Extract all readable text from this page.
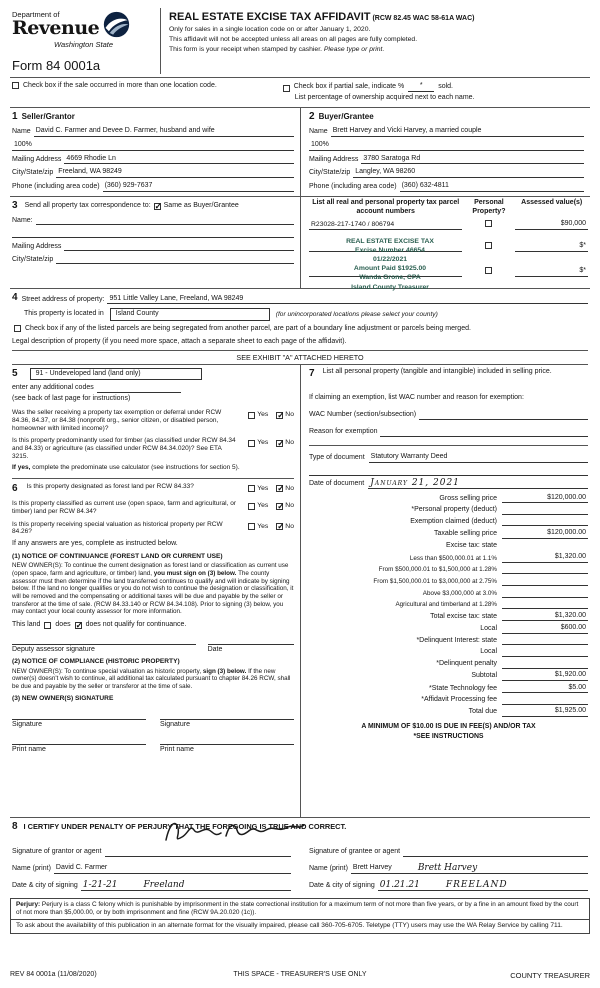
Department of
Revenue
Washington State
Form 84 0001a
REAL ESTATE EXCISE TAX AFFIDAVIT (RCW 82.45 WAC 58-61A WAC)
Only for sales in a single location code on or after January 1, 2020.
This affidavit will not be accepted unless all areas on all pages are fully completed.
This form is your receipt when stamped by cashier. Please type or print.
Check box if the sale occurred in more than one location code.	Check box if partial sale, indicate %	*	sold.
List percentage of ownership acquired next to each name.
1 Seller/Grantor
Name David C. Farmer and Devee D. Farmer, husband and wife
100%
Mailing Address 4669 Rhodie Ln
City/State/zip Freeland, WA 98249
Phone (including area code) (360) 929-7637
2 Buyer/Grantee
Name Brett Harvey and Vicki Harvey, a married couple
100%
Mailing Address 3780 Saratoga Rd
City/State/zip Langley, WA 98260
Phone (including area code) (360) 632-4811
3 Send all property tax correspondence to: ✓ Same as Buyer/Grantee
Name:
Mailing Address
City/State/zip
List all real and personal property tax parcel account numbers
Personal Property?
Assessed value(s)
R23028-217-1740 / 806794	$90,000
$*
$*
REAL ESTATE EXCISE TAX
Excise Number 46654
01/22/2021
Amount Paid $1925.00
Wanda Grone, CPA
Island County Treasurer
4 Street address of property: 951 Little Valley Lane, Freeland, WA 98249
This property is located in	Island County	(for unincorporated locations please select your county)
Check box if any of the listed parcels are being segregated from another parcel, are part of a boundary line adjustment or parcels being merged.
Legal description of property (if you need more space, attach a separate sheet to each page of the affidavit).
SEE EXHIBIT "A" ATTACHED HERETO
5	91 - Undeveloped land (land only)
enter any additional codes
(see back of last page for instructions)
Was the seller receiving a property tax exemption or deferral under RCW 84.36, 84.37, or 84.38 (nonprofit org., senior citizen, or disabled person, homeowner with limited income)?
Yes ✓	No
Is this property predominantly used for timber (as classified under RCW 84.34 and 84.33) or agriculture (as classified under RCW 84.34.020)? See ETA 3215.
Yes ✓	No
If yes, complete the predominate use calculator (see instructions for section 5).
6 Is this property designated as forest land per RCW 84.33?	Yes ✓	No
Is this property classified as current use (open space, farm and agricultural, or timber) land per RCW 84.34?
Yes ✓	No
Is this property receiving special valuation as historical property per RCW 84.26?
Yes ✓	No
If any answers are yes, complete as instructed below.
(1) NOTICE OF CONTINUANCE (FOREST LAND OR CURRENT USE)
NEW OWNER(S): To continue the current designation as forest land or classification as current use (open space, farm and agriculture, or timber) land, you must sign on (3) below. The county assessor must then determine if the land transferred continues to qualify and will indicate by signing below. If the land no longer qualifies or you do not wish to continue the designation or classification, it will be removed and the compensating or additional taxes will be due and payable by the seller or transferor at the time of sale. (RCW 84.33.140 or RCW 84.34.108). Prior to signing (3) below, you may contact your local county assessor for more information.
This land does ✓ does not qualify for continuance.
Deputy assessor signature	Date
(2) NOTICE OF COMPLIANCE (HISTORIC PROPERTY)
NEW OWNER(S): To continue special valuation as historic property, sign (3) below. If the new owner(s) doesn't wish to continue, all additional tax calculated pursuant to chapter 84.26 RCW, shall be due and payable by the seller or transferor at the time of sale.
(3) NEW OWNER(S) SIGNATURE
Signature	Signature
Print name	Print name
7 List all personal property (tangible and intangible) included in selling price.
If claiming an exemption, list WAC number and reason for exemption:
WAC Number (section/subsection)
Reason for exemption
Type of document Statutory Warranty Deed
Date of document January 21, 2021
Gross selling price	$120,000.00
*Personal property (deduct)
Exemption claimed (deduct)
Taxable selling price	$120,000.00
Excise tax: state
Less than $500,000.01 at 1.1%	$1,320.00
From $500,000.01 to $1,500,000 at 1.28%
From $1,500,000.01 to $3,000,000 at 2.75%
Above $3,000,000 at 3.0%
Agricultural and timberland at 1.28%
Total excise tax: state	$1,320.00
Local	$600.00
*Delinquent Interest: state
Local
*Delinquent penalty
Subtotal	$1,920.00
*State Technology fee	$5.00
*Affidavit Processing fee
Total due	$1,925.00
A MINIMUM OF $10.00 IS DUE IN FEE(S) AND/OR TAX
*SEE INSTRUCTIONS
8 I CERTIFY UNDER PENALTY OF PERJURY THAT THE FOREGOING IS TRUE AND CORRECT.
Signature of grantor or agent
Name (print) David C. Farmer
Date & city of signing 1-21-21	Freeland
Signature of grantee or agent
Name (print) Brett Harvey	Brett Harvey
Date & city of signing 01.21.21	FREELAND
Perjury: Perjury is a class C felony which is punishable by imprisonment in the state correctional institution for a maximum term of not more than five years, or by a fine in an amount fixed by the court of not more than $5,000.00, or by both imprisonment and fine (RCW 9A.20.020 (1c)).
To ask about the availability of this publication in an alternate format for the visually impaired, please call 360-705-6705. Teletype (TTY) users may use the WA Relay Service by calling 711.
REV 84 0001a (11/08/2020)	THIS SPACE - TREASURER'S USE ONLY	COUNTY TREASURER
